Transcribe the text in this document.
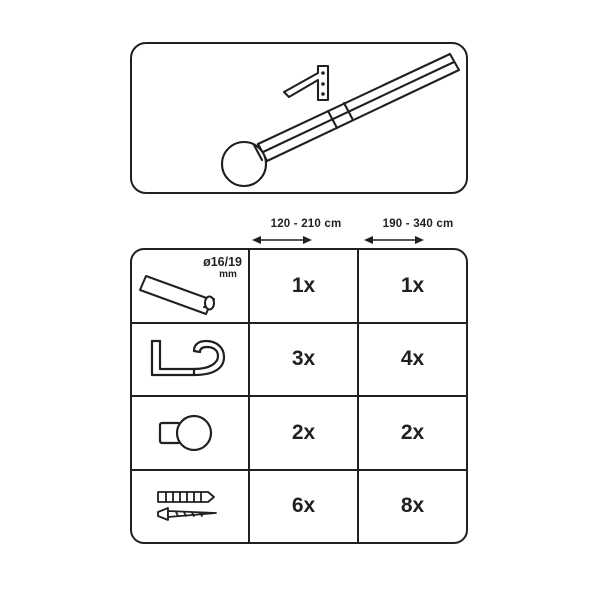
120 - 210 cm	190 - 340 cm
ø16/19
mm	1x	1x
3x	4x
2x	2x
6x	8x
